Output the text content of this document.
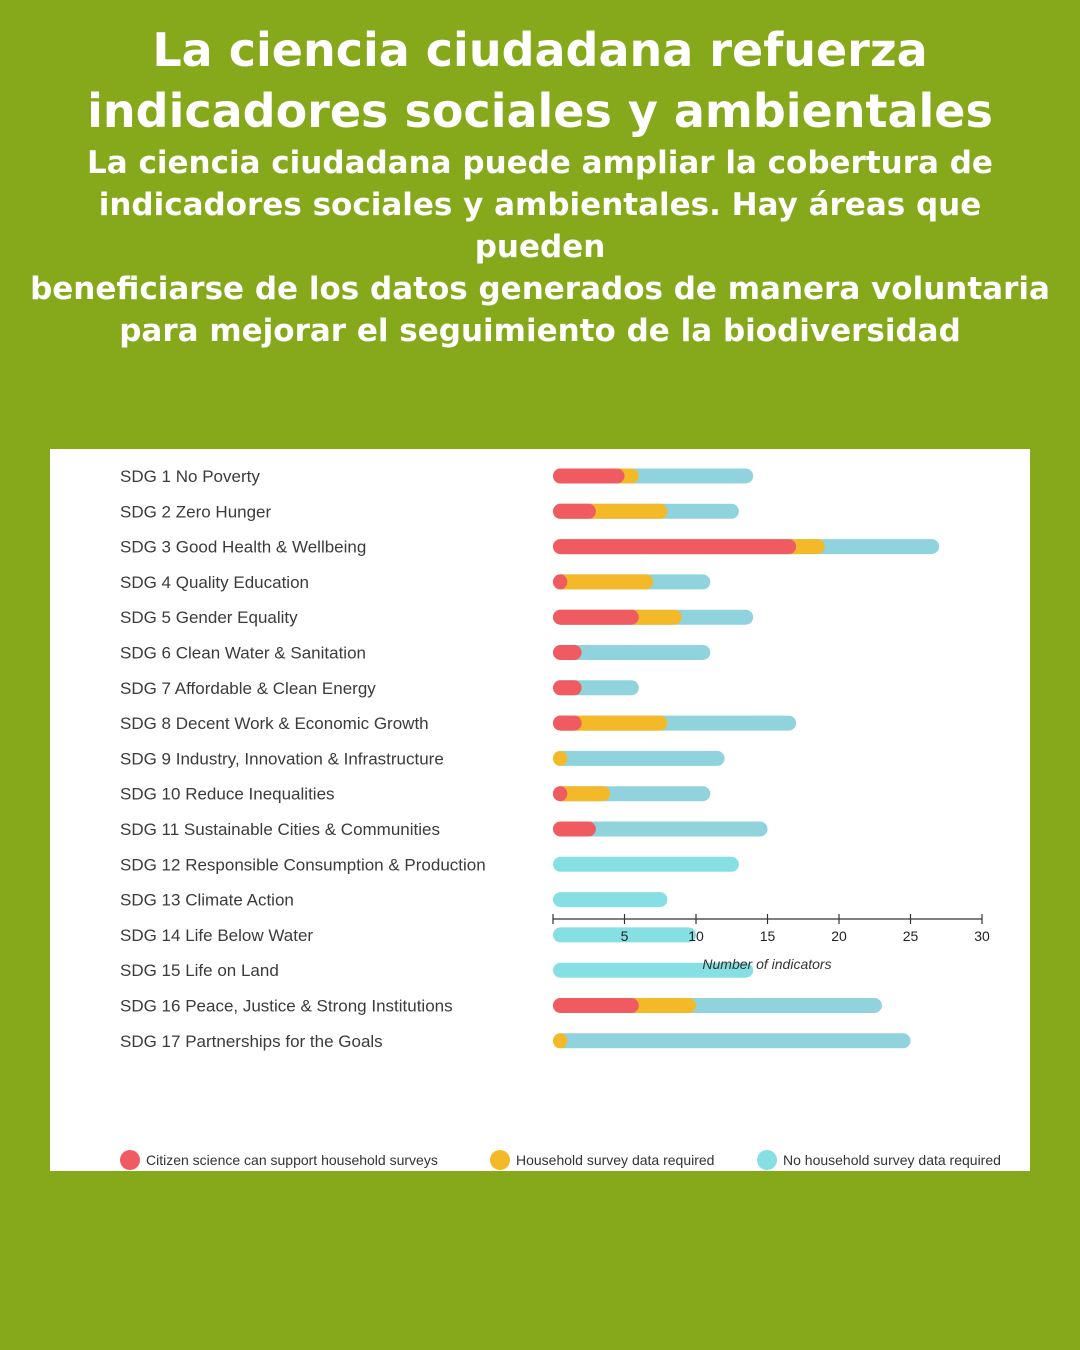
La ciencia ciudadana refuerza
indicadores sociales y ambientales

La ciencia ciudadana puede ampliar la cobertura de
indicadores sociales y ambientales. Hay áreas que pueden
beneficiarse de los datos generados de manera voluntaria
para mejorar el seguimiento de la biodiversidad

SDG 1 No Poverty
SDG 2 Zero Hunger
SDG 3 Good Health & Wellbeing
SDG 4 Quality Education
SDG 5 Gender Equality
SDG 6 Clean Water & Sanitation
SDG 7 Affordable & Clean Energy
SDG 8 Decent Work & Economic Growth
SDG 9 Industry, Innovation & Infrastructure
SDG 10 Reduce Inequalities
SDG 11 Sustainable Cities & Communities
SDG 12 Responsible Consumption & Production
SDG 13 Climate Action
SDG 14 Life Below Water
SDG 15 Life on Land
SDG 16 Peace, Justice & Strong Institutions
SDG 17 Partnerships for the Goals
5	10	15	20	25	30
Number of indicators
Citizen science can support household surveys	Household survey data required	No household survey data required
